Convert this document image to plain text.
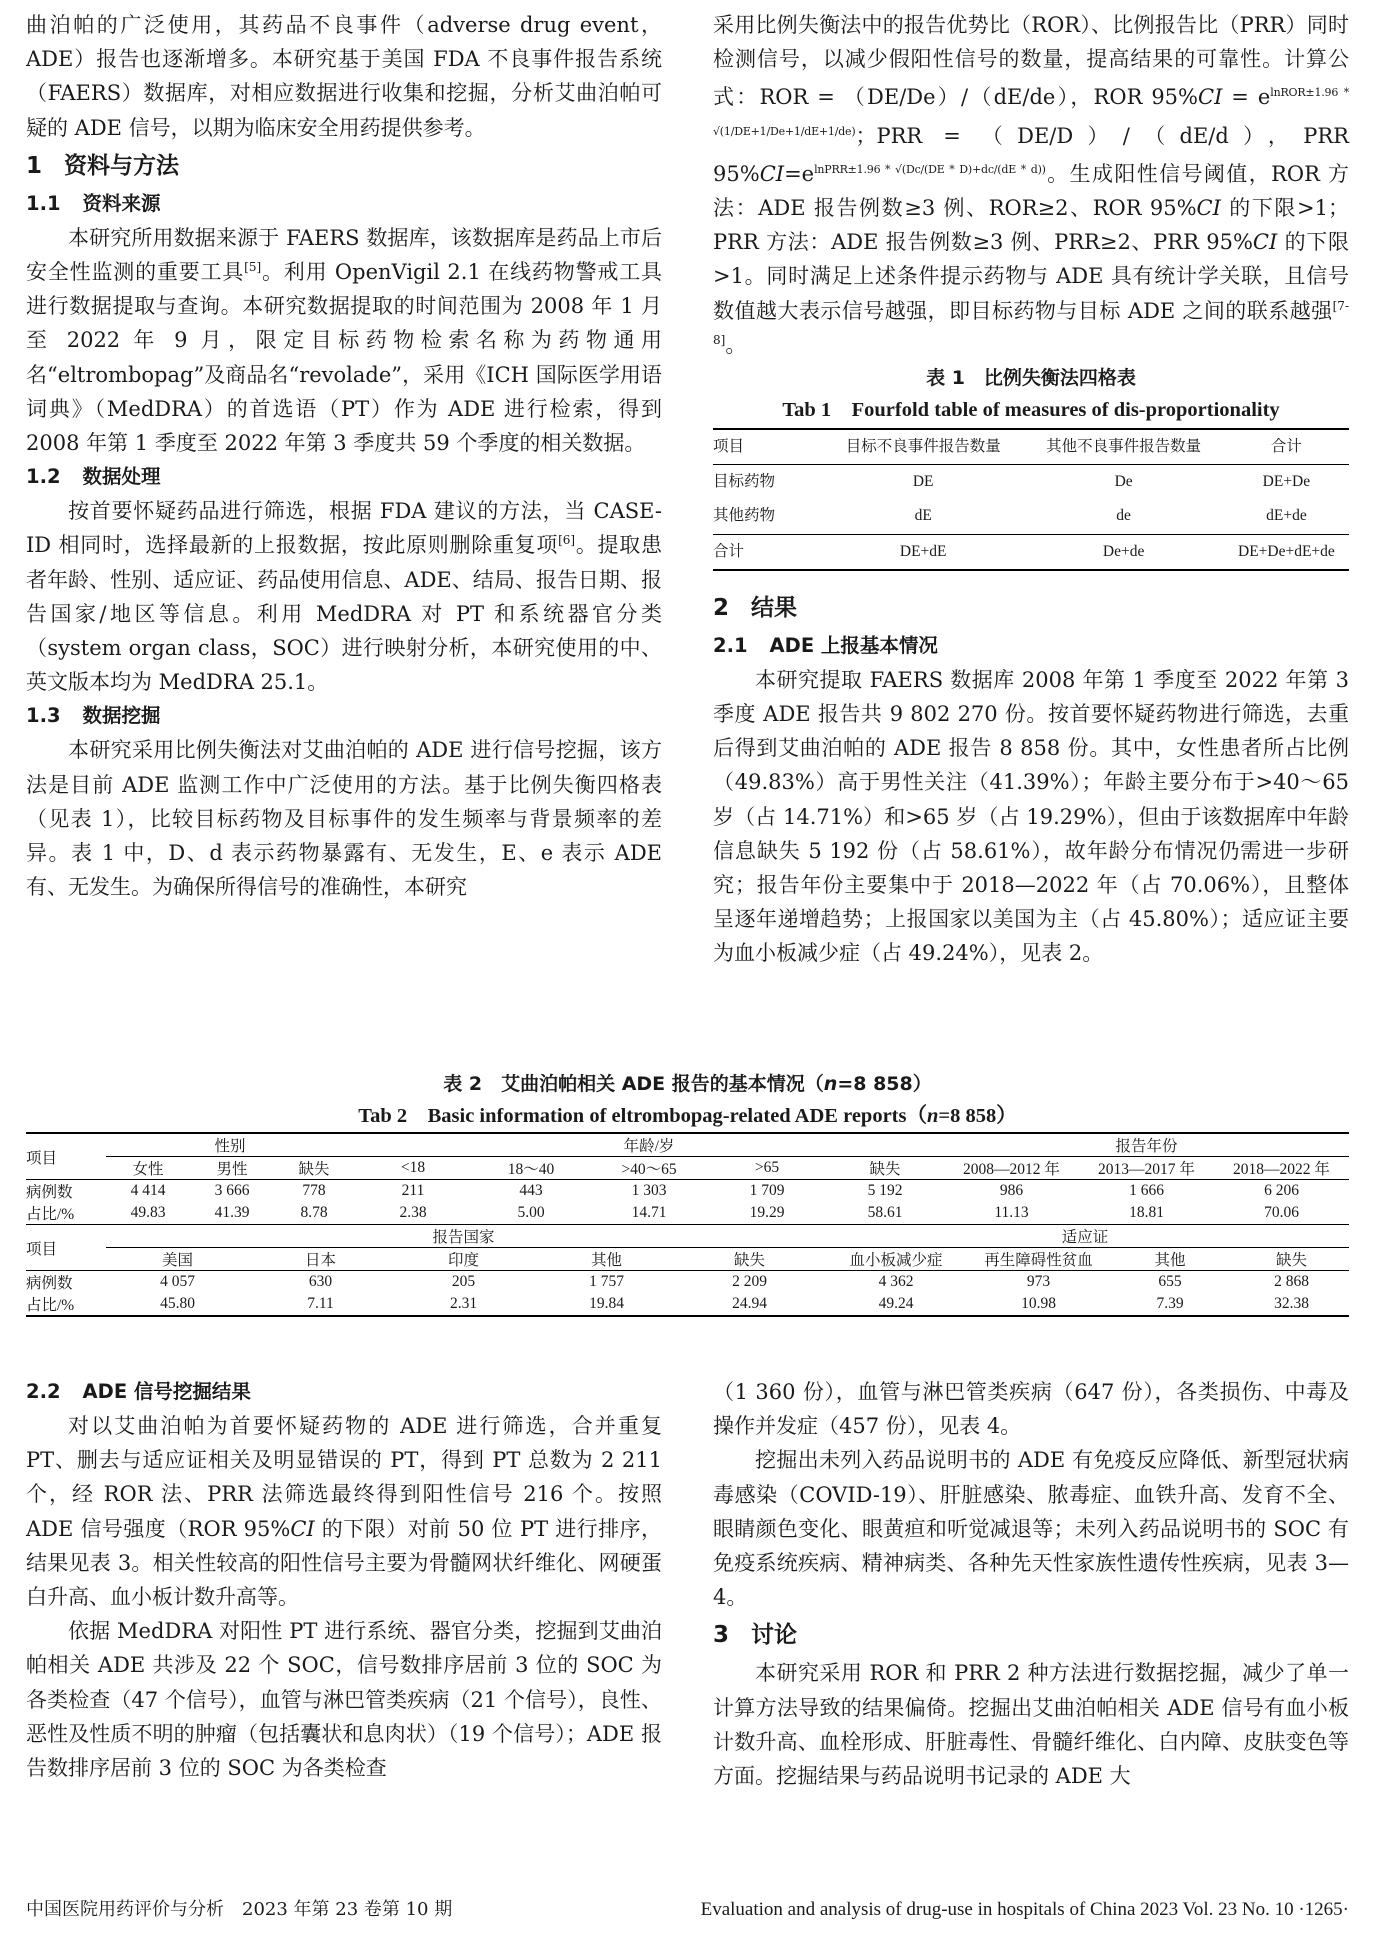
曲泊帕的广泛使用，其药品不良事件（adverse drug event，ADE）报告也逐渐增多。本研究基于美国 FDA 不良事件报告系统（FAERS）数据库，对相应数据进行收集和挖掘，分析艾曲泊帕可疑的 ADE 信号，以期为临床安全用药提供参考。

1 资料与方法
1.1 资料来源

本研究所用数据来源于 FAERS 数据库，该数据库是药品上市后安全性监测的重要工具[5]。利用 OpenVigil 2.1 在线药物警戒工具进行数据提取与查询。本研究数据提取的时间范围为 2008 年 1 月至 2022 年 9 月，限定目标药物检索名称为药物通用名“eltrombopag”及商品名“revolade”，采用《ICH 国际医学用语词典》（MedDRA）的首选语（PT）作为 ADE 进行检索，得到 2008 年第 1 季度至 2022 年第 3 季度共 59 个季度的相关数据。

1.2 数据处理

按首要怀疑药品进行筛选，根据 FDA 建议的方法，当 CASE-ID 相同时，选择最新的上报数据，按此原则删除重复项[6]。提取患者年龄、性别、适应证、药品使用信息、ADE、结局、报告日期、报告国家/地区等信息。利用 MedDRA 对 PT 和系统器官分类（system organ class，SOC）进行映射分析，本研究使用的中、英文版本均为 MedDRA 25.1。

1.3 数据挖掘

本研究采用比例失衡法对艾曲泊帕的 ADE 进行信号挖掘，该方法是目前 ADE 监测工作中广泛使用的方法。基于比例失衡四格表（见表 1），比较目标药物及目标事件的发生频率与背景频率的差异。表 1 中，D、d 表示药物暴露有、无发生，E、e 表示 ADE 有、无发生。为确保所得信号的准确性，本研究

采用比例失衡法中的报告优势比（ROR）、比例报告比（PRR）同时检测信号，以减少假阳性信号的数量，提高结果的可靠性。计算公式：ROR = （DE/De）/（dE/de），ROR $95\%CI = e^{lnROR\pm 1.96 * √(1/DE+1/De+1/dE+1/de)}$；PRR = （DE/D）/（dE/d），PRR $95\%CI=e^{lnPRR\pm 1.96 * √(Dc/(DE * D)+dc/(dE * d))}$。生成阳性信号阈值，ROR 方法：ADE 报告例数≥3 例、ROR≥2、ROR 95%CI 的下限>1；PRR 方法：ADE 报告例数≥3 例、PRR≥2、PRR 95%CI 的下限>1。同时满足上述条件提示药物与 ADE 具有统计学关联，且信号数值越大表示信号越强，即目标药物与目标 ADE 之间的联系越强[7-8]。

表 1　比例失衡法四格表
Tab 1　Fourfold table of measures of dis-proportionality
项目	目标不良事件报告数量	其他不良事件报告数量	合计
目标药物	DE	De	DE+De
其他药物	dE	de	dE+de
合计	DE+dE	De+de	DE+De+dE+de
2 结果
2.1 ADE 上报基本情况

本研究提取 FAERS 数据库 2008 年第 1 季度至 2022 年第 3 季度 ADE 报告共 9 802 270 份。按首要怀疑药物进行筛选，去重后得到艾曲泊帕的 ADE 报告 8 858 份。其中，女性患者所占比例（49.83%）高于男性关注（41.39%）；年龄主要分布于>40～65 岁（占 14.71%）和>65 岁（占 19.29%），但由于该数据库中年龄信息缺失 5 192 份（占 58.61%），故年龄分布情况仍需进一步研究；报告年份主要集中于 2018—2022 年（占 70.06%），且整体呈逐年递增趋势；上报国家以美国为主（占 45.80%）；适应证主要为血小板减少症（占 49.24%），见表 2。

表 2　艾曲泊帕相关 ADE 报告的基本情况（n=8 858）
Tab 2　Basic information of eltrombopag-related ADE reports（n=8 858）
项目	性别			年龄/岁					报告年份		
	女性	男性	缺失	<18	18～40	>40～65	>65	缺失	2008—2012 年	2013—2017 年	2018—2022 年
病例数	4 414	3 666	778	211	443	1 303	1 709	5 192	986	1 666	6 206
占比/%	49.83	41.39	8.78	2.38	5.00	14.71	19.29	58.61	11.13	18.81	70.06
项目	报告国家					适应证			
	美国	日本	印度	其他	缺失	血小板减少症	再生障碍性贫血	其他	缺失
病例数	4 057	630	205	1 757	2 209	4 362	973	655	2 868
占比/%	45.80	7.11	2.31	19.84	24.94	49.24	10.98	7.39	32.38
2.2 ADE 信号挖掘结果

对以艾曲泊帕为首要怀疑药物的 ADE 进行筛选，合并重复 PT、删去与适应证相关及明显错误的 PT，得到 PT 总数为 2 211 个，经 ROR 法、PRR 法筛选最终得到阳性信号 216 个。按照 ADE 信号强度（ROR 95%CI 的下限）对前 50 位 PT 进行排序，结果见表 3。相关性较高的阳性信号主要为骨髓网状纤维化、网硬蛋白升高、血小板计数升高等。

依据 MedDRA 对阳性 PT 进行系统、器官分类，挖掘到艾曲泊帕相关 ADE 共涉及 22 个 SOC，信号数排序居前 3 位的 SOC 为各类检查（47 个信号），血管与淋巴管类疾病（21 个信号），良性、恶性及性质不明的肿瘤（包括囊状和息肉状）（19 个信号）；ADE 报告数排序居前 3 位的 SOC 为各类检查

（1 360 份），血管与淋巴管类疾病（647 份），各类损伤、中毒及操作并发症（457 份），见表 4。

挖掘出未列入药品说明书的 ADE 有免疫反应降低、新型冠状病毒感染（COVID-19）、肝脏感染、脓毒症、血铁升高、发育不全、眼睛颜色变化、眼黄疸和听觉减退等；未列入药品说明书的 SOC 有免疫系统疾病、精神病类、各种先天性家族性遗传性疾病，见表 3—4。

3 讨论

本研究采用 ROR 和 PRR 2 种方法进行数据挖掘，减少了单一计算方法导致的结果偏倚。挖掘出艾曲泊帕相关 ADE 信号有血小板计数升高、血栓形成、肝脏毒性、骨髓纤维化、白内障、皮肤变色等方面。挖掘结果与药品说明书记录的 ADE 大

中国医院用药评价与分析　2023 年第 23 卷第 10 期	Evaluation and analysis of drug-use in hospitals of China 2023 Vol. 23 No. 10 ·1265·
